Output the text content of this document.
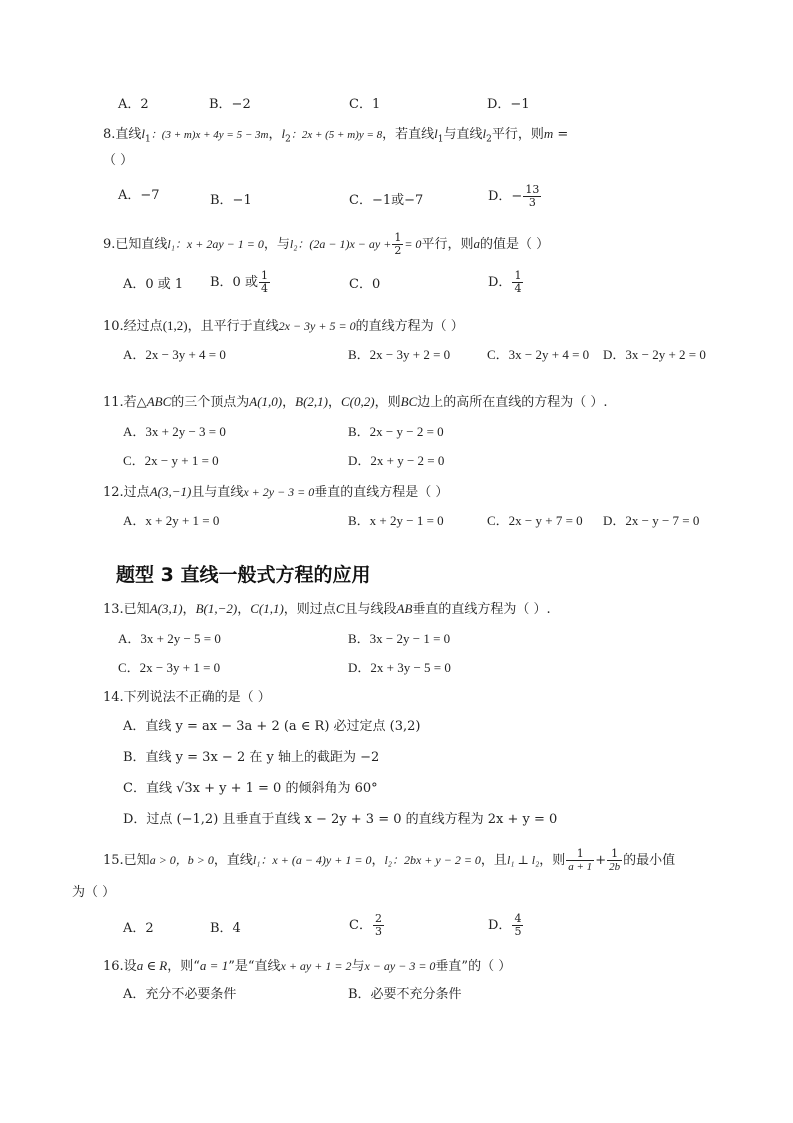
A．2	B．−2	C．1	D．−1
8.直线$l_1$：(3 + m)x + 4y = 5 − 3m，$l_2$：2x + (5 + m)y = 8，若直线$l_1$与直线$l_2$平行，则m =
（ ）
A．−7	B．−1	C．−1或−7	D．− $\frac{13}{3}$
9.已知直线l₁：x + 2ay − 1 = 0，与l₂：(2a − 1)x − ay + $\frac{1}{2} = 0$平行，则a的值是（ ）
A．0 或 1	B．0 或 $\frac{1}{4}$	C．0	D． $\frac{1}{4}$
10.经过点(1,2)，且平行于直线2x − 3y + 5 = 0的直线方程为（ ）
A．2x − 3y + 4 = 0	B．2x − 3y + 2 = 0	C．3x − 2y + 4 = 0 D．3x − 2y + 2 = 0
11.若△ABC的三个顶点为A(1,0)，B(2,1)，C(0,2)，则BC边上的高所在直线的方程为（ ）.
A．3x + 2y − 3 = 0	B．2x − y − 2 = 0
C．2x − y + 1 = 0	D．2x + y − 2 = 0
12.过点A(3,−1)且与直线x + 2y − 3 = 0垂直的直线方程是（ ）
A．x + 2y + 1 = 0	B．x + 2y − 1 = 0	C．2x − y + 7 = 0 D．2x − y − 7 = 0
题型 3 直线一般式方程的应用
13.已知A(3,1)，B(1,−2)，C(1,1)，则过点C且与线段AB垂直的直线方程为（ ）.
A．3x + 2y − 5 = 0	B．3x − 2y − 1 = 0
C．2x − 3y + 1 = 0	D．2x + 3y − 5 = 0
14.下列说法不正确的是（ ）
A．直线 y = ax − 3a + 2 (a ∈ R) 必过定点 (3,2)
B．直线 y = 3x − 2 在 y 轴上的截距为 −2
C．直线 √3x + y + 1 = 0 的倾斜角为 60°
D．过点 (−1,2) 且垂直于直线 x − 2y + 3 = 0 的直线方程为 2x + y = 0
15.已知a > 0，b > 0，直线l₁：x + (a − 4)y + 1 = 0，l₂：2bx + y − 2 = 0，且l₁ ⊥ l₂，则 $\frac{1}{a + 1} + \frac{1}{2b}$ 的最小值
为（ ）
A．2	B．4	C． $\frac{2}{3}$	D． $\frac{4}{5}$
16.设a ∈ R，则“a = 1”是“直线x + ay + 1 = 2与x − ay − 3 = 0垂直”的（ ）
A．充分不必要条件	B．必要不充分条件
